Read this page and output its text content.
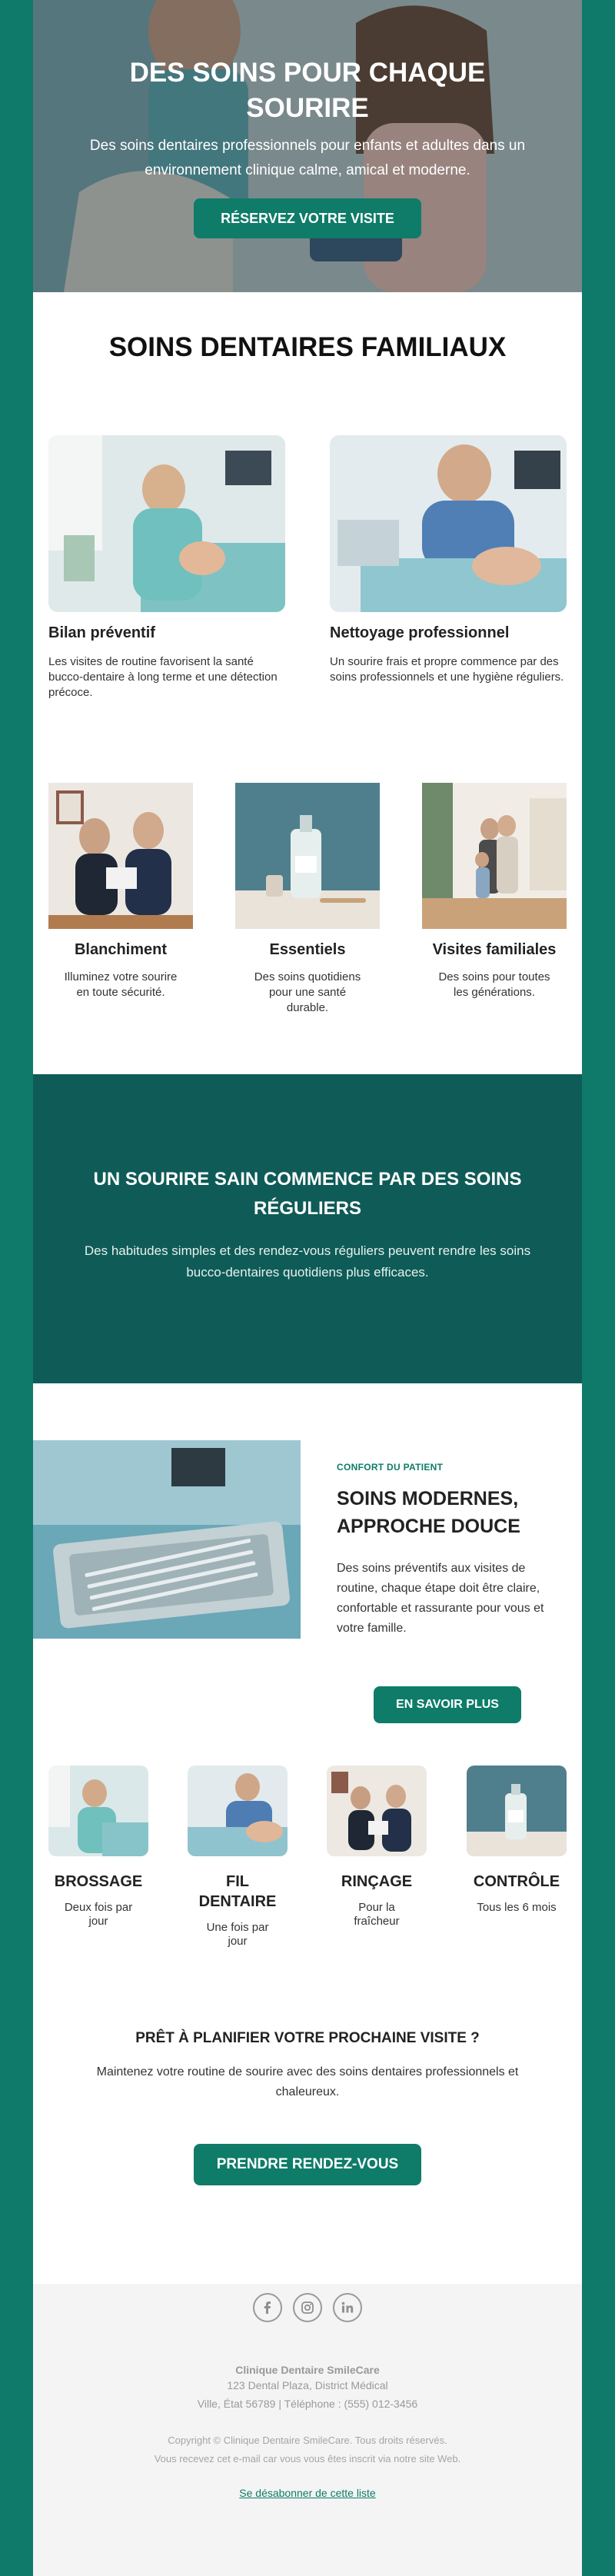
DES SOINS POUR CHAQUE SOURIRE
Des soins dentaires professionnels pour enfants et adultes dans un environnement clinique calme, amical et moderne.
RÉSERVEZ VOTRE VISITE
SOINS DENTAIRES FAMILIAUX
Bilan préventif
Les visites de routine favorisent la santé bucco-dentaire à long terme et une détection précoce.
Nettoyage professionnel
Un sourire frais et propre commence par des soins professionnels et une hygiène réguliers.
Blanchiment
Illuminez votre sourire en toute sécurité.
Essentiels
Des soins quotidiens pour une santé durable.
Visites familiales
Des soins pour toutes les générations.
UN SOURIRE SAIN COMMENCE PAR DES SOINS RÉGULIERS
Des habitudes simples et des rendez-vous réguliers peuvent rendre les soins bucco-dentaires quotidiens plus efficaces.
CONFORT DU PATIENT
SOINS MODERNES, APPROCHE DOUCE
Des soins préventifs aux visites de routine, chaque étape doit être claire, confortable et rassurante pour vous et votre famille.
EN SAVOIR PLUS
BROSSAGE
Deux fois par jour
FIL DENTAIRE
Une fois par jour
RINÇAGE
Pour la fraîcheur
CONTRÔLE
Tous les 6 mois
PRÊT À PLANIFIER VOTRE PROCHAINE VISITE ?
Maintenez votre routine de sourire avec des soins dentaires professionnels et chaleureux.
PRENDRE RENDEZ-VOUS
Clinique Dentaire SmileCare
123 Dental Plaza, District Médical
Ville, État 56789 | Téléphone : (555) 012-3456
Copyright © Clinique Dentaire SmileCare. Tous droits réservés.
Vous recevez cet e-mail car vous vous êtes inscrit via notre site Web.
Se désabonner de cette liste
